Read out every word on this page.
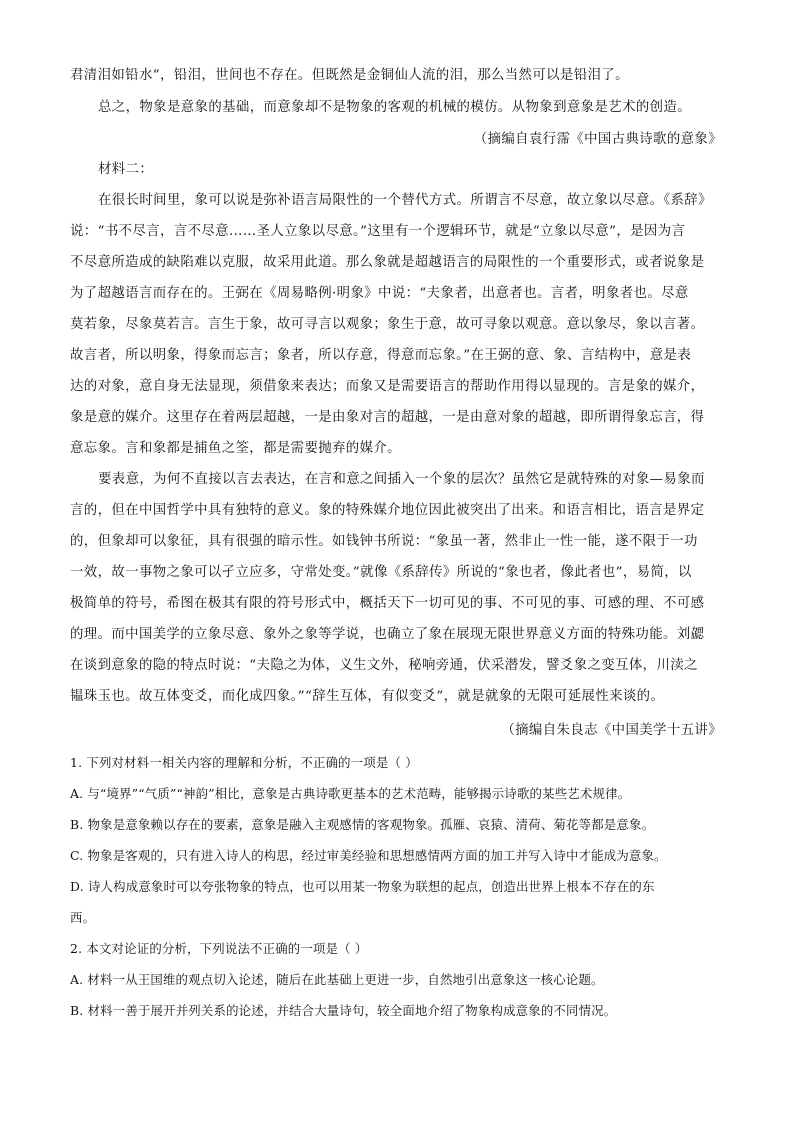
君清泪如铅水”，铅泪，世间也不存在。但既然是金铜仙人流的泪，那么当然可以是铅泪了。
总之，物象是意象的基础，而意象却不是物象的客观的机械的模仿。从物象到意象是艺术的创造。
（摘编自袁行霈《中国古典诗歌的意象》
材料二：
在很长时间里，象可以说是弥补语言局限性的一个替代方式。所谓言不尽意，故立象以尽意。《系辞》
说：“书不尽言，言不尽意……圣人立象以尽意。”这里有一个逻辑环节，就是“立象以尽意”，是因为言
不尽意所造成的缺陷难以克服，故采用此道。那么象就是超越语言的局限性的一个重要形式，或者说象是
为了超越语言而存在的。王弼在《周易略例·明象》中说：“夫象者，出意者也。言者，明象者也。尽意
莫若象，尽象莫若言。言生于象，故可寻言以观象；象生于意，故可寻象以观意。意以象尽，象以言著。
故言者，所以明象，得象而忘言；象者，所以存意，得意而忘象。”在王弼的意、象、言结构中，意是表
达的对象，意自身无法显现，须借象来表达；而象又是需要语言的帮助作用得以显现的。言是象的媒介，
象是意的媒介。这里存在着两层超越，一是由象对言的超越，一是由意对象的超越，即所谓得象忘言，得
意忘象。言和象都是捕鱼之筌，都是需要抛弃的媒介。
要表意，为何不直接以言去表达，在言和意之间插入一个象的层次？虽然它是就特殊的对象—易象而
言的，但在中国哲学中具有独特的意义。象的特殊媒介地位因此被突出了出来。和语言相比，语言是界定
的，但象却可以象征，具有很强的暗示性。如钱钟书所说：“象虽一著，然非止一性一能，遂不限于一功
一效，故一事物之象可以孑立应多，守常处变。”就像《系辞传》所说的“象也者，像此者也”，易简，以
极简单的符号，希图在极其有限的符号形式中，概括天下一切可见的事、不可见的事、可感的理、不可感
的理。而中国美学的立象尽意、象外之象等学说，也确立了象在展现无限世界意义方面的特殊功能。刘勰
在谈到意象的隐的特点时说：“夫隐之为体，义生文外，秘响旁通，伏采潜发，譬爻象之变互体，川渎之
韫珠玉也。故互体变爻，而化成四象。”“辞生互体，有似变爻”，就是就象的无限可延展性来谈的。
（摘编自朱良志《中国美学十五讲》
1. 下列对材料一相关内容的理解和分析，不正确的一项是（ ）
A. 与“境界”“气质”“神韵”相比，意象是古典诗歌更基本的艺术范畴，能够揭示诗歌的某些艺术规律。
B. 物象是意象赖以存在的要素，意象是融入主观感情的客观物象。孤雁、哀猿、清荷、菊花等都是意象。
C. 物象是客观的，只有进入诗人的构思，经过审美经验和思想感情两方面的加工并写入诗中才能成为意象。
D. 诗人构成意象时可以夸张物象的特点，也可以用某一物象为联想的起点，创造出世界上根本不存在的东
西。
2. 本文对论证的分析，下列说法不正确的一项是（ ）
A. 材料一从王国维的观点切入论述，随后在此基础上更进一步，自然地引出意象这一核心论题。
B. 材料一善于展开并列关系的论述，并结合大量诗句，较全面地介绍了物象构成意象的不同情况。
